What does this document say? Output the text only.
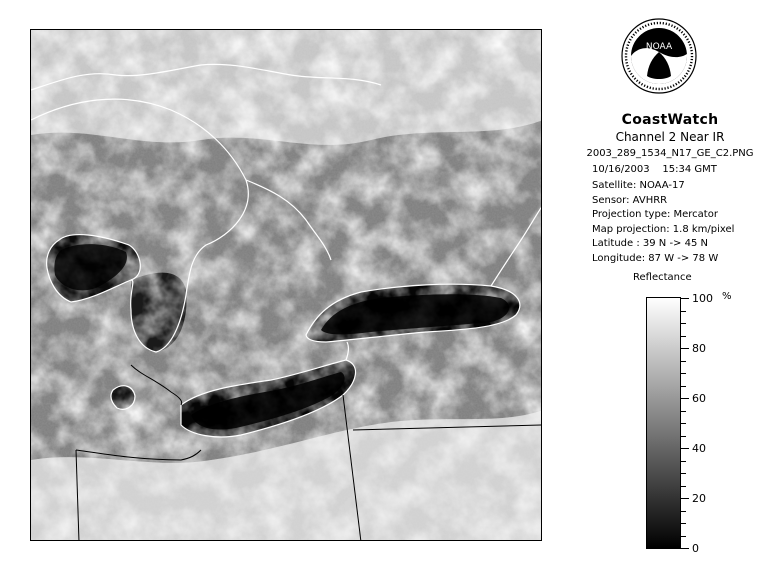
NOAA
CoastWatch
Channel 2 Near IR
2003_289_1534_N17_GE_C2.PNG
10/16/2003 15:34 GMT
Satellite: NOAA-17
Sensor: AVHRR
Projection type: Mercator
Map projection: 1.8 km/pixel
Latitude : 39 N -> 45 N
Longitude: 87 W -> 78 W
Reflectance
%
100
80
60
40
20
0
